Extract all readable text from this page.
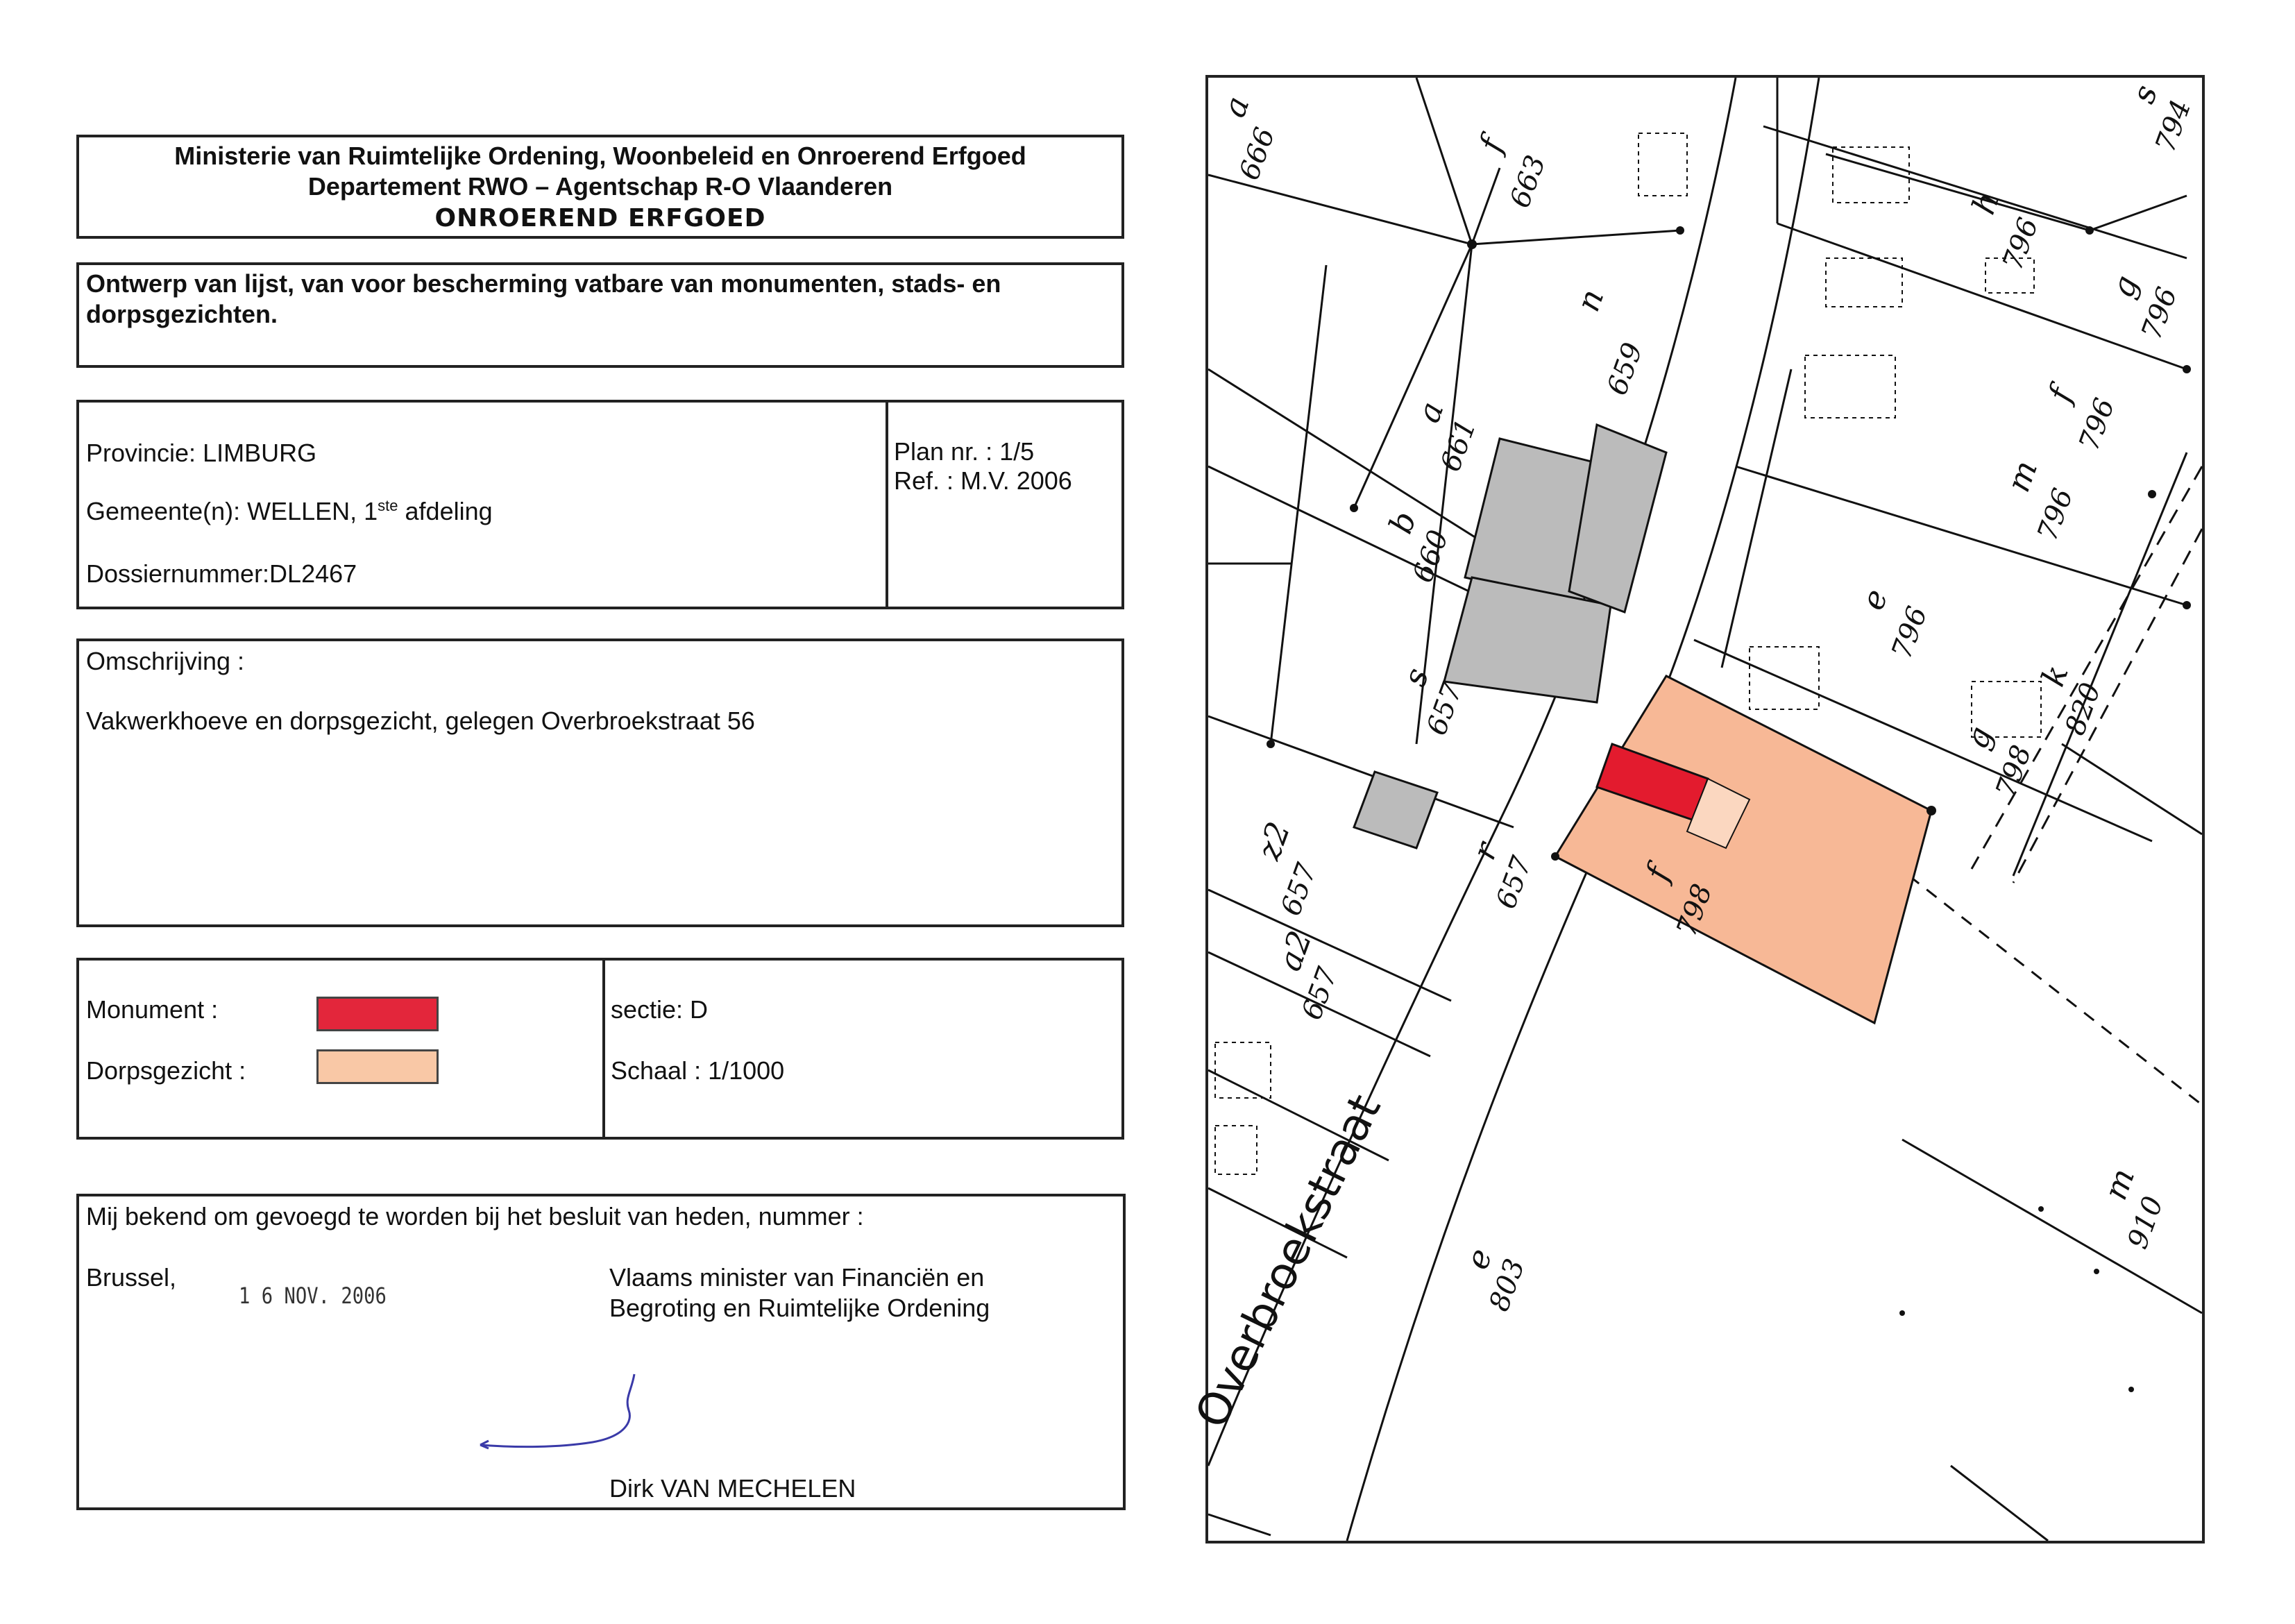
Ministerie van Ruimtelijke Ordening, Woonbeleid en Onroerend Erfgoed
Departement RWO – Agentschap R-O Vlaanderen
ONROEREND ERFGOED
Ontwerp van lijst, van voor bescherming vatbare van monumenten, stads- en
dorpsgezichten.
Provincie: LIMBURG
Gemeente(n): WELLEN, 1ste afdeling
Dossiernummer:DL2467
Plan nr. : 1/5
Ref. : M.V. 2006
Omschrijving :
Vakwerkhoeve en dorpsgezicht, gelegen Overbroekstraat 56
Monument :
Dorpsgezicht :
sectie: D
Schaal : 1/1000
Mij bekend om gevoegd te worden bij het besluit van heden, nummer :
Brussel,
1 6 NOV. 2006
Vlaams minister van Financiën en
Begroting en Ruimtelijke Ordening
Dirk VAN MECHELEN
Overbroekstraat
666	663
659
661
660
657
657
657
657
794
796
796
796
796
796
798
798
820
803
910
a
f
n
a
b
s
z2
a2
r
s
h
g
f
m
e
g
f
k
e
m
